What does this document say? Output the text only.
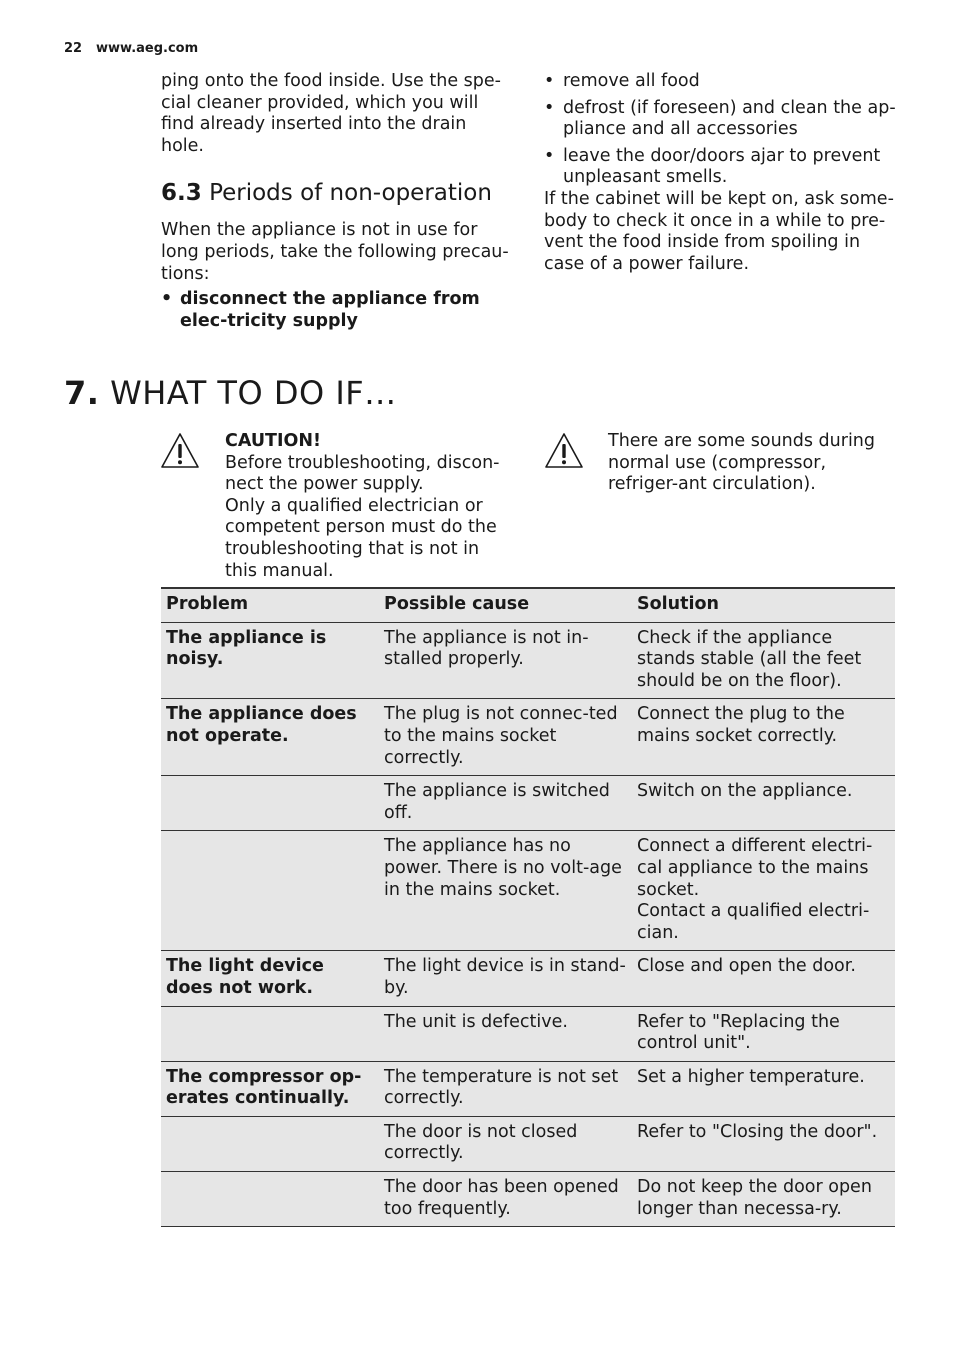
22 www.aeg.com

ping onto the food inside. Use the spe-cial cleaner provided, which you will find already inserted into the drain hole.

6.3 Periods of non-operation

When the appliance is not in use for long periods, take the following precau-tions:

• disconnect the appliance from elec-tricity supply
• remove all food
• defrost (if foreseen) and clean the ap-pliance and all accessories
• leave the door/doors ajar to prevent unpleasant smells.

If the cabinet will be kept on, ask some-body to check it once in a while to pre-vent the food inside from spoiling in case of a power failure.

7. WHAT TO DO IF…

CAUTION!

Before troubleshooting, discon-nect the power supply.

Only a qualified electrician or competent person must do the troubleshooting that is not in this manual.

There are some sounds during normal use (compressor, refriger-ant circulation).

Problem	Possible cause	Solution
The appliance is noisy.	The appliance is not in-stalled properly.	Check if the appliance stands stable (all the feet should be on the floor).
The appliance does not operate.	The plug is not connec-ted to the mains socket correctly.	Connect the plug to the mains socket correctly.
	The appliance is switched off.	Switch on the appliance.
	The appliance has no power. There is no volt-age in the mains socket.	Connect a different electri-cal appliance to the mains socket.
Contact a qualified electri-cian.

The light device does not work.	The light device is in stand-by.	Close and open the door.
	The unit is defective.	Refer to "Replacing the control unit".
The compressor op-erates continually.	The temperature is not set correctly.	Set a higher temperature.
	The door is not closed correctly.	Refer to "Closing the door".
	The door has been opened too frequently.	Do not keep the door open longer than necessa-ry.
